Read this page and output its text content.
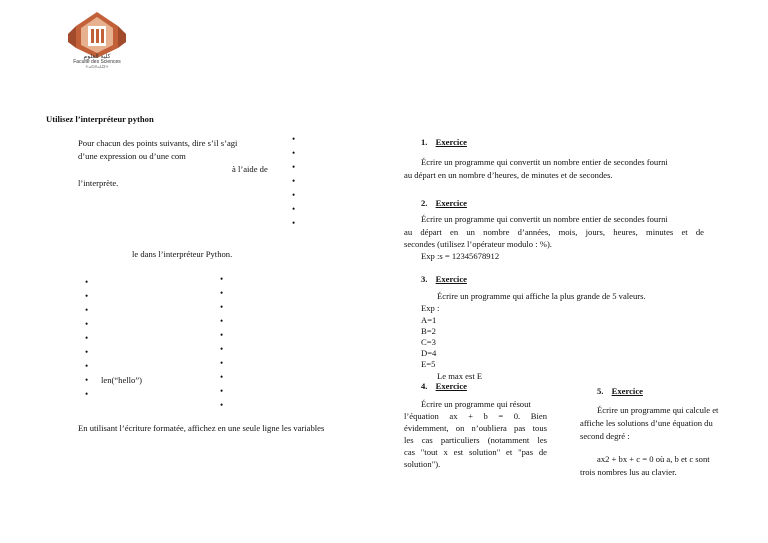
كلية العلوم
Faculté des Sciences
ⵜⴰⵙⴷⴰⵡⵉⵜ
Utilisez l’interpréteur python
Pour chacun des points suivants, dire s’il s’agi
d’une expression ou d’une com
à l’aide de
l’interprète.
•
•
•
•
•
•
•
le dans l’interpréteur Python.
•
•
•
•
•
•
•
• len(“hello”)
•
•
•
•
•
•
•
•
•
•
•
En utilisant l’écriture formatée, affichez en une seule ligne les variables
1. Exercice
Écrire un programme qui convertit un nombre entier de secondes fourni
au départ en un nombre d’heures, de minutes et de secondes.
2. Exercice
Écrire un programme qui convertit un nombre entier de secondes fourni
au départ en un nombre d’années, mois, jours, heures, minutes et de
secondes (utilisez l’opérateur modulo : %).
Exp :s = 12345678912
3. Exercice
Écrire un programme qui affiche la plus grande de 5 valeurs.
Exp :
A=1
B=2
C=3
D=4
E=5
Le max est E
4. Exercice
Écrire un programme qui résout
l’équation ax + b = 0. Bien
évidemment, on n’oubliera pas tous
les cas particuliers (notamment les
cas "tout x est solution" et "pas de
solution").
5. Exercice
Écrire un programme qui calcule et
affiche les solutions d’une équation du
second degré :
ax2 + bx + c = 0 où a, b et c sont
trois nombres lus au clavier.
